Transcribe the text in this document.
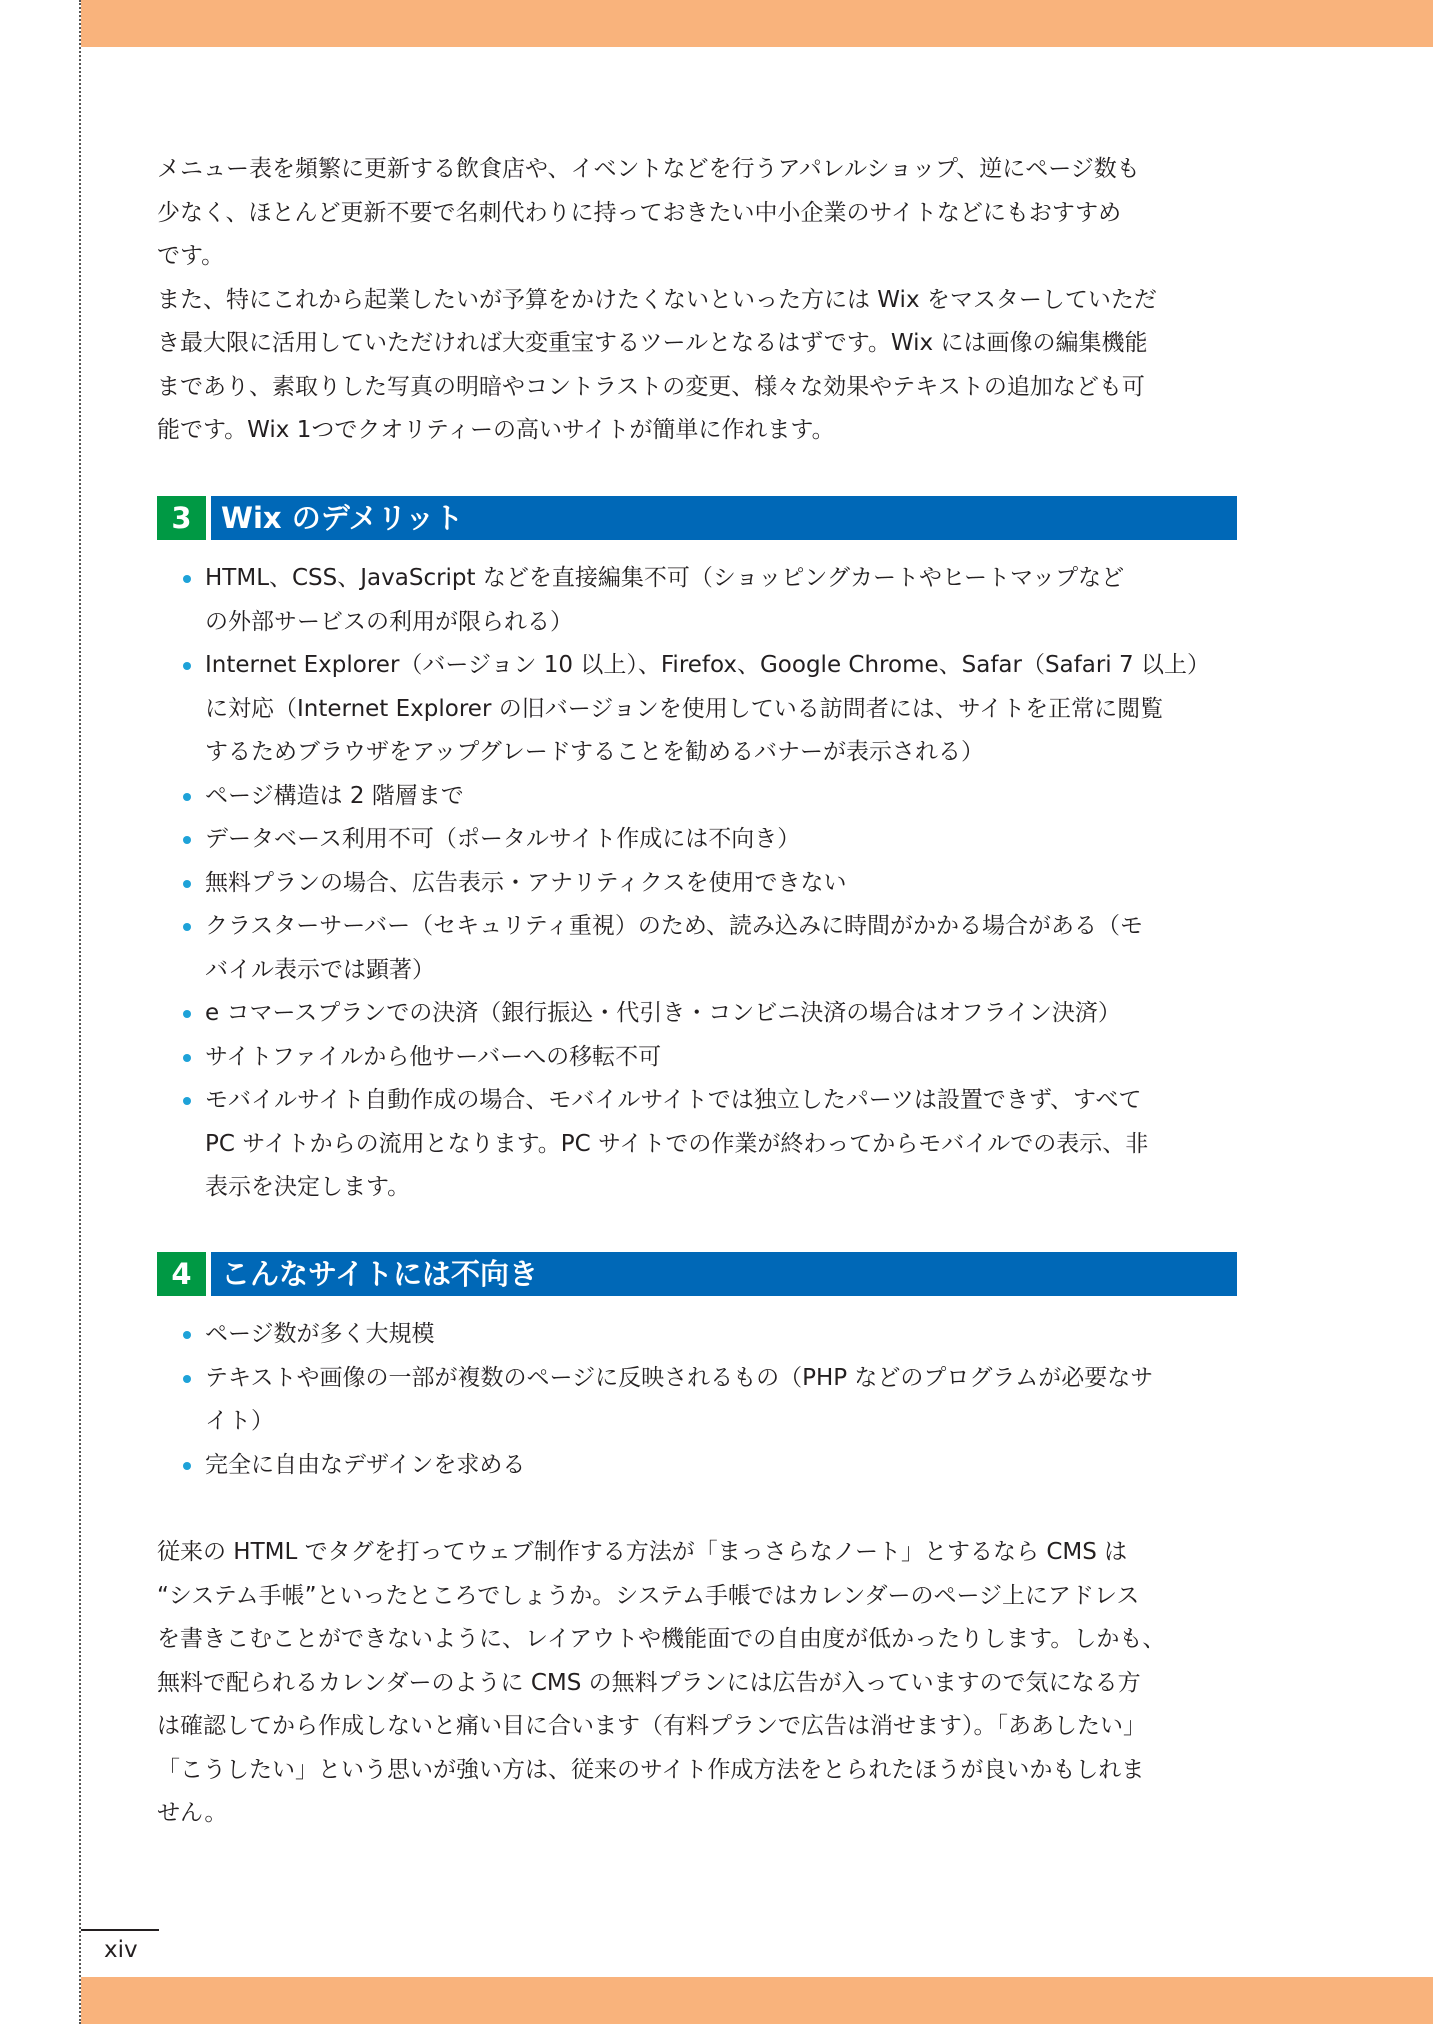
メニュー表を頻繁に更新する飲食店や、イベントなどを行うアパレルショップ、逆にページ数も
少なく、ほとんど更新不要で名刺代わりに持っておきたい中小企業のサイトなどにもおすすめ
です。
また、特にこれから起業したいが予算をかけたくないといった方には Wix をマスターしていただ
き最大限に活用していただければ大変重宝するツールとなるはずです。Wix には画像の編集機能
まであり、素取りした写真の明暗やコントラストの変更、様々な効果やテキストの追加なども可
能です。Wix 1つでクオリティーの高いサイトが簡単に作れます。
3	Wix のデメリット
HTML、CSS、JavaScript などを直接編集不可（ショッピングカートやヒートマップなど
の外部サービスの利用が限られる）
Internet Explorer（バージョン 10 以上）、Firefox、Google Chrome、Safar（Safari 7 以上）
に対応（Internet Explorer の旧バージョンを使用している訪問者には、サイトを正常に閲覧
するためブラウザをアップグレードすることを勧めるバナーが表示される）
ページ構造は 2 階層まで
データベース利用不可（ポータルサイト作成には不向き）
無料プランの場合、広告表示・アナリティクスを使用できない
クラスターサーバー（セキュリティ重視）のため、読み込みに時間がかかる場合がある（モ
バイル表示では顕著）
e コマースプランでの決済（銀行振込・代引き・コンビニ決済の場合はオフライン決済）
サイトファイルから他サーバーへの移転不可
モバイルサイト自動作成の場合、モバイルサイトでは独立したパーツは設置できず、すべて
PC サイトからの流用となります。PC サイトでの作業が終わってからモバイルでの表示、非
表示を決定します。
4	こんなサイトには不向き
ページ数が多く大規模
テキストや画像の一部が複数のページに反映されるもの（PHP などのプログラムが必要なサ
イト）
完全に自由なデザインを求める
従来の HTML でタグを打ってウェブ制作する方法が「まっさらなノート」とするなら CMS は
“システム手帳”といったところでしょうか。システム手帳ではカレンダーのページ上にアドレス
を書きこむことができないように、レイアウトや機能面での自由度が低かったりします。しかも、
無料で配られるカレンダーのように CMS の無料プランには広告が入っていますので気になる方
は確認してから作成しないと痛い目に合います（有料プランで広告は消せます）。「ああしたい」
「こうしたい」という思いが強い方は、従来のサイト作成方法をとられたほうが良いかもしれま
せん。
xiv
